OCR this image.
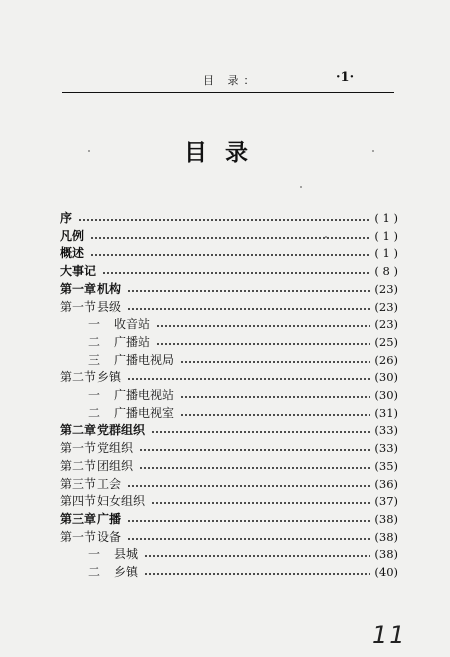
目 录：	·1·
目录
序	( 1 )
凡例	( 1 )
概述	( 1 )
大事记	( 8 )
第一章机构	(23)
第一节县级	(23)
一 收音站	(23)
二 广播站	(25)
三 广播电视局	(26)
第二节乡镇	(30)
一 广播电视站	(30)
二 广播电视室	(31)
第二章党群组织	(33)
第一节党组织	(33)
第二节团组织	(35)
第三节工会	(36)
第四节妇女组织	(37)
第三章广播	(38)
第一节设备	(38)
一 县城	(38)
二 乡镇	(40)
11
